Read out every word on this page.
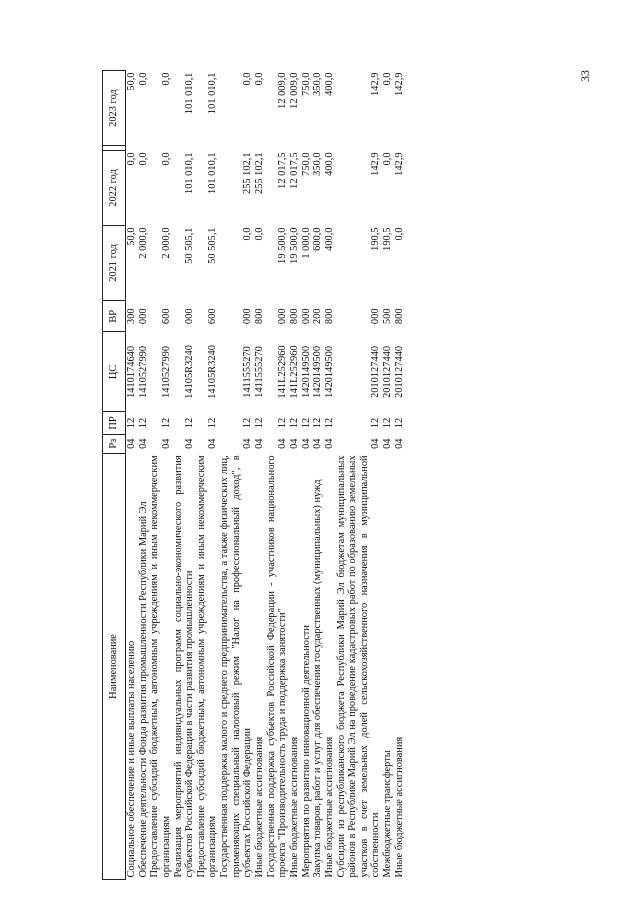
33
Наименование	Рз	ПР	ЦС	ВР	2021 год	2022 год		2023 год
Социальное обеспечение и иные выплаты населению	04	12	1410174640	300	50,0	0,0		50,0
Обеспечение деятельности Фонда развития промышленности Республики Марий Эл	04	12	1410527990	000	2 000,0	0,0		0,0
Предоставление субсидий бюджетным, автономным учреждениям и иным некоммерческим организациям	04	12	1410527990	600	2 000,0	0,0		0,0
Реализация мероприятий индивидуальных программ социально-экономического развития субъектов Российской Федерации в части развития промышленности	04	12	14105R3240	000	50 505,1	101 010,1		101 010,1
Предоставление субсидий бюджетным, автономным учреждениям и иным некоммерческим организациям	04	12	14105R3240	600	50 505,1	101 010,1		101 010,1
Государственная поддержка малого и среднего предпринимательства, а также физических лиц, применяющих специальный налоговый режим "Налог на профессиональный доход", в субъектах Российской Федерации	04	12	1411555270	000	0,0	255 102,1		0,0
Иные бюджетные ассигнования	04	12	1411555270	800	0,0	255 102,1		0,0
Государственная поддержка субъектов Российской Федерации - участников национального проекта "Производительность труда и поддержка занятости"	04	12	141L252960	000	19 500,0	12 017,5		12 009,0
Иные бюджетные ассигнования	04	12	141L252960	800	19 500,0	12 017,5		12 009,0
Мероприятия по развитию инновационной деятельности	04	12	1420149500	000	1 000,0	750,0		750,0
Закупка товаров, работ и услуг для обеспечения государственных (муниципальных) нужд	04	12	1420149500	200	600,0	350,0		350,0
Иные бюджетные ассигнования	04	12	1420149500	800	400,0	400,0		400,0
Субсидии из республиканского бюджета Республики Марий Эл бюджетам муниципальных районов в Республике Марий Эл на проведение кадастровых работ по образованию земельных участков в счет земельных долей сельскохозяйственного назначения в муниципальной собственности	04	12	2010127440	000	190,5	142,9		142,9
Межбюджетные трансферты	04	12	2010127440	500	190,5	0,0		0,0
Иные бюджетные ассигнования	04	12	2010127440	800	0,0	142,9		142,9
